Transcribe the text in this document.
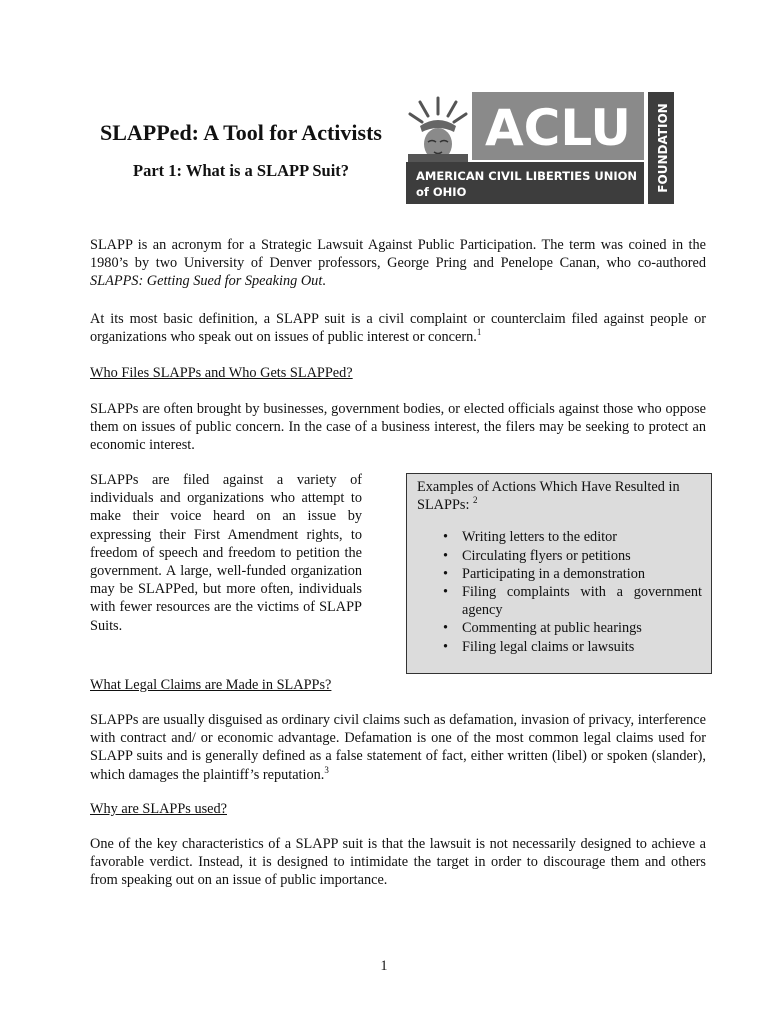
SLAPPed: A Tool for Activists
Part 1: What is a SLAPP Suit?
ACLU
AMERICAN CIVIL LIBERTIES UNION
of OHIO	FOUNDATION

SLAPP is an acronym for a Strategic Lawsuit Against Public Participation. The term was coined in the 1980’s by two University of Denver professors, George Pring and Penelope Canan, who co-authored SLAPPS: Getting Sued for Speaking Out.

At its most basic definition, a SLAPP suit is a civil complaint or counterclaim filed against people or organizations who speak out on issues of public interest or concern.$^1$

Who Files SLAPPs and Who Gets SLAPPed?

SLAPPs are often brought by businesses, government bodies, or elected officials against those who oppose them on issues of public concern. In the case of a business interest, the filers may be seeking to protect an economic interest.

SLAPPs are filed against a variety of individuals and organizations who attempt to make their voice heard on an issue by expressing their First Amendment rights, to freedom of speech and freedom to petition the government. A large, well-funded organization may be SLAPPed, but more often, individuals with fewer resources are the victims of SLAPP Suits.

Examples of Actions Which Have Resulted in SLAPPs: $^2$

• Writing letters to the editor
• Circulating flyers or petitions
• Participating in a demonstration
• Filing complaints with a government agency
• Commenting at public hearings
• Filing legal claims or lawsuits
What Legal Claims are Made in SLAPPs?

SLAPPs are usually disguised as ordinary civil claims such as defamation, invasion of privacy, interference with contract and/ or economic advantage. Defamation is one of the most common legal claims used for SLAPP suits and is generally defined as a false statement of fact, either written (libel) or spoken (slander), which damages the plaintiff’s reputation.$^3$

Why are SLAPPs used?

One of the key characteristics of a SLAPP suit is that the lawsuit is not necessarily designed to achieve a favorable verdict. Instead, it is designed to intimidate the target in order to discourage them and others from speaking out on an issue of public importance.

1
